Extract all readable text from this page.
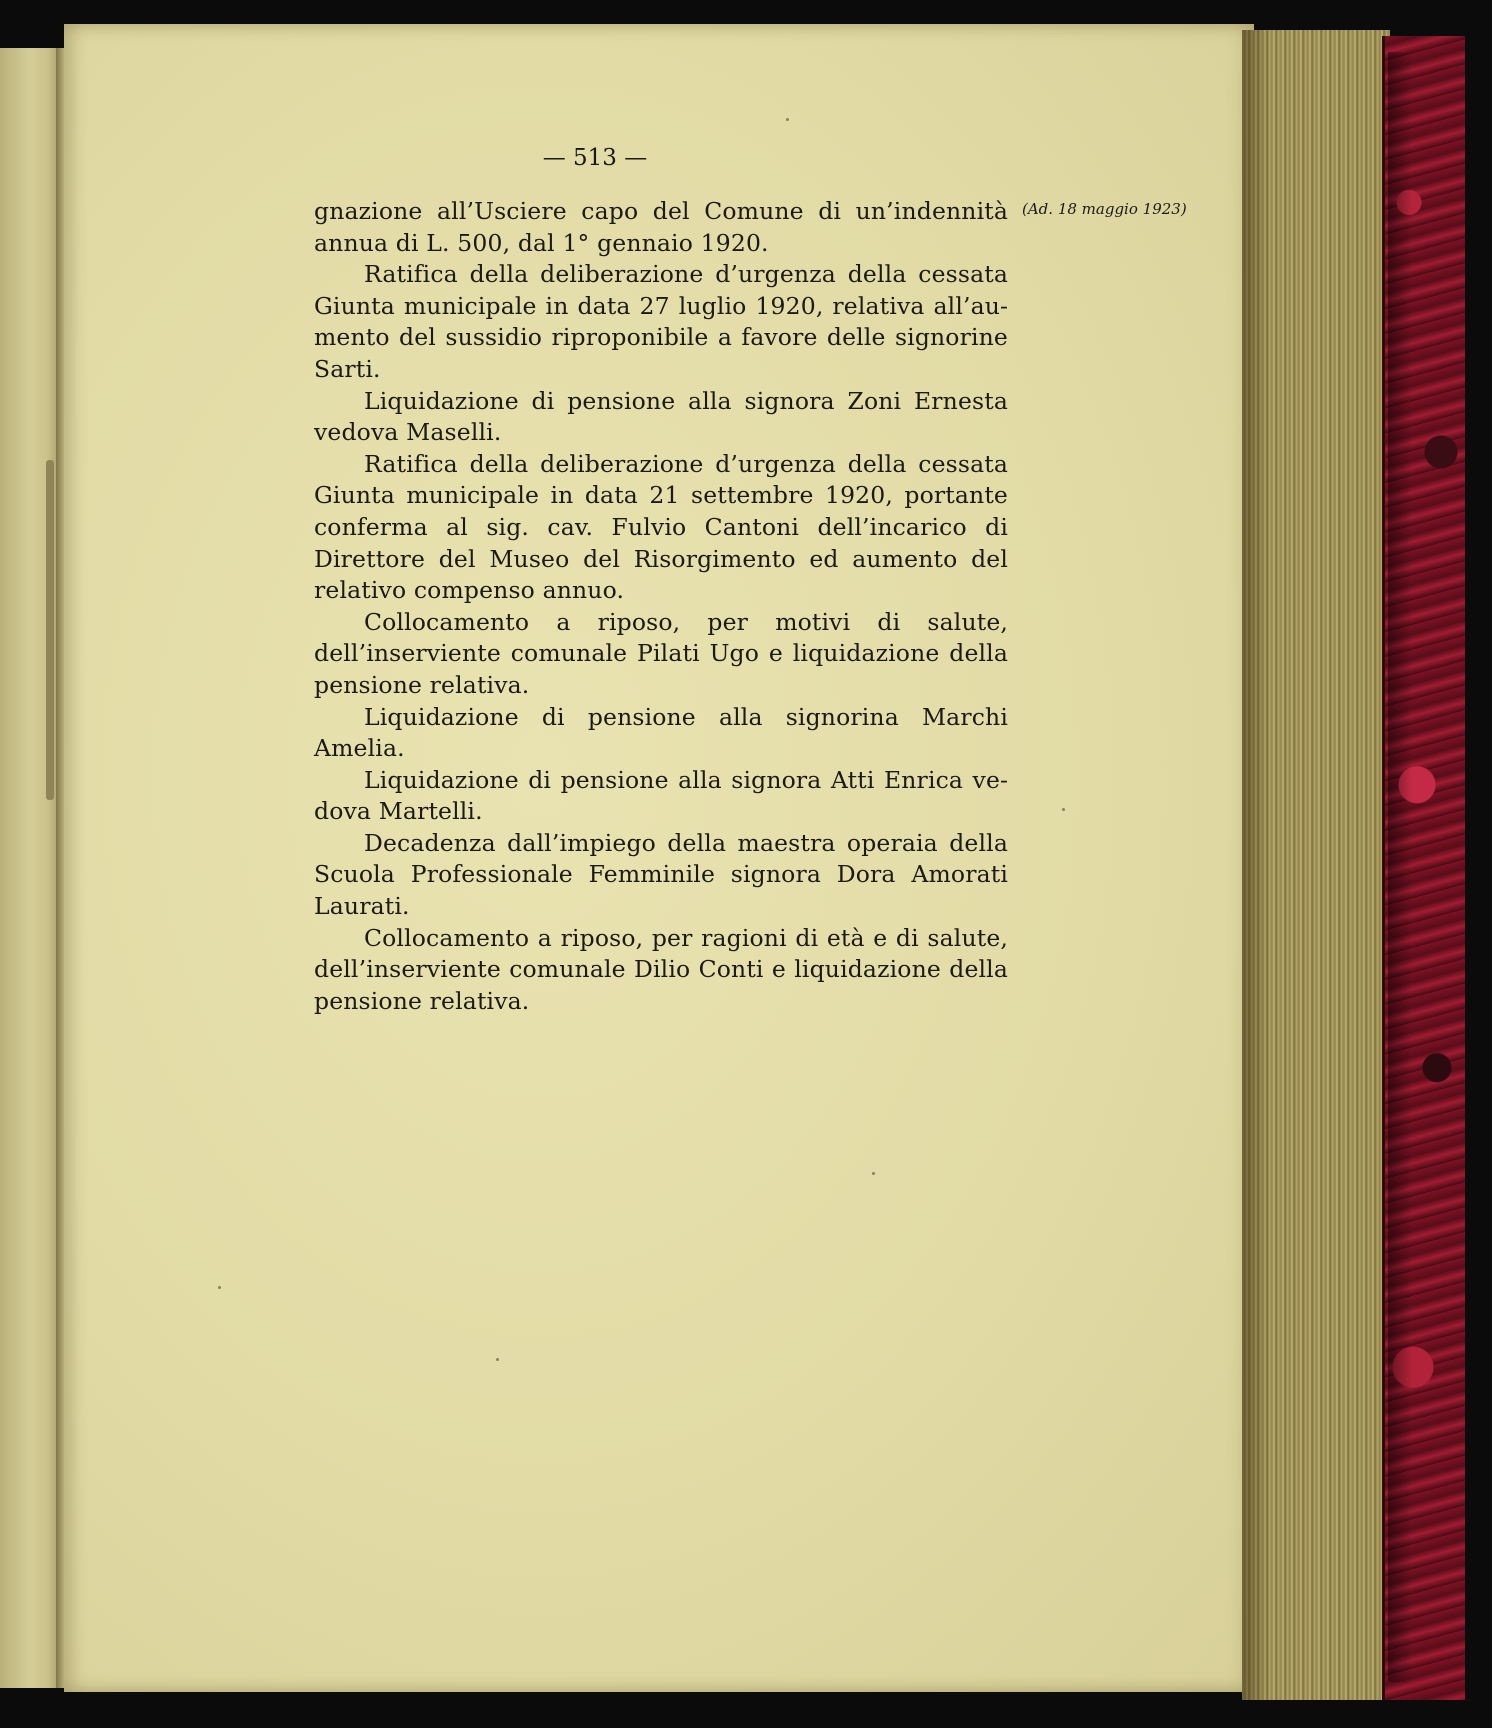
— 513 —
(Ad. 18 maggio 1923)

gnazione all’Usciere capo del Comune di un’indennità annua di L. 500, dal 1° gennaio 1920.

Ratifica della deliberazione d’urgenza della cessata Giunta municipale in data 27 luglio 1920, relativa all’aumento del sussidio riproponibile a favore delle signorine Sarti.

Liquidazione di pensione alla signora Zoni Ernesta vedova Maselli.

Ratifica della deliberazione d’urgenza della cessata Giunta municipale in data 21 settembre 1920, portante conferma al sig. cav. Fulvio Cantoni dell’incarico di Direttore del Museo del Risorgimento ed aumento del relativo compenso annuo.

Collocamento a riposo, per motivi di salute, dell’inserviente comunale Pilati Ugo e liquidazione della pensione relativa.

Liquidazione di pensione alla signorina Marchi Amelia.

Liquidazione di pensione alla signora Atti Enrica vedova Martelli.

Decadenza dall’impiego della maestra operaia della Scuola Professionale Femminile signora Dora Amorati Laurati.

Collocamento a riposo, per ragioni di età e di salute, dell’inserviente comunale Dilio Conti e liquidazione della pensione relativa.
